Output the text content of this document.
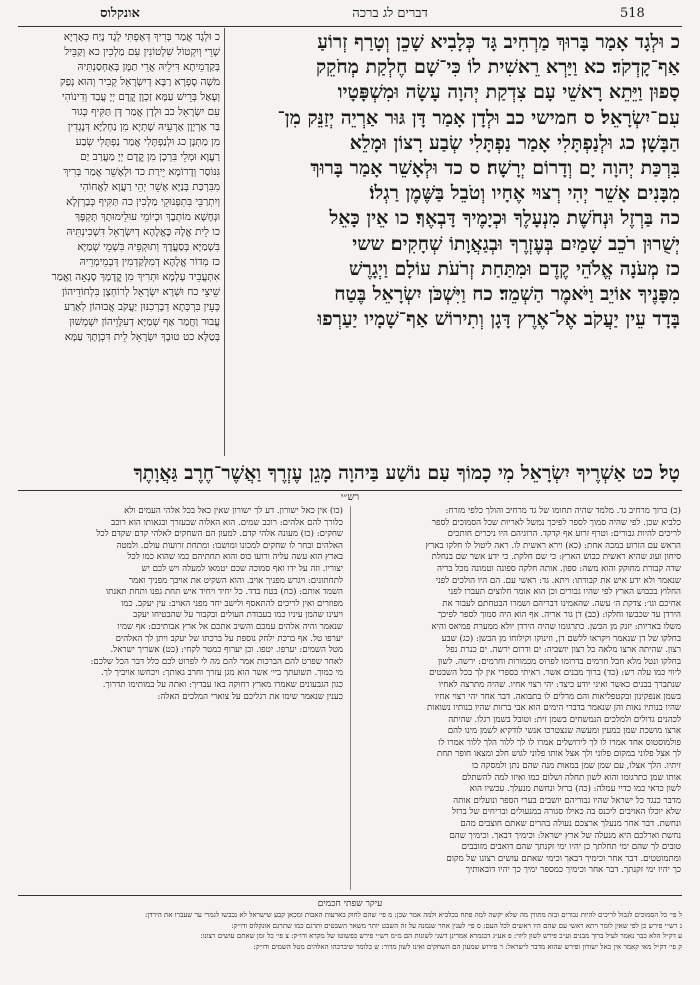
518
דברים לג ברכה
אונקלוס
כ וּלְגָד אָמַר בָּרוּךְ מַרְחִיב גָּד כְּלָבִיא שָׁכֵן וְטָרַף זְרוֹעַ
אַף־קָדְקֹד׃ כא וַיַּרְא רֵאשִׁית לוֹ כִּי־שָׁם חֶלְקַת מְחֹקֵק
סָפוּן וַיֵּתֵא רָאשֵׁי עָם צִדְקַת יְהוָה עָשָׂה וּמִשְׁפָּטָיו
עִם־יִשְׂרָאֵל׃ ס חמישי כב וּלְדָן אָמַר דָּן גּוּר אַרְיֵה יְזַנֵּק מִן־
הַבָּשָׁן׃ כג וּלְנַפְתָּלִי אָמַר נַפְתָּלִי שְׂבַע רָצוֹן וּמָלֵא
בִּרְכַּת יְהוָה יָם וְדָרוֹם יְרָשָׁה׃ ס כד וּלְאָשֵׁר אָמַר בָּרוּךְ
מִבָּנִים אָשֵׁר יְהִי רְצוּי אֶחָיו וְטֹבֵל בַּשֶּׁמֶן רַגְלוֹ׃
כה בַּרְזֶל וּנְחֹשֶׁת מִנְעָלֶךָ וּכְיָמֶיךָ דָּבְאֶךָ׃ כו אֵין כָּאֵל
יְשֻׁרוּן רֹכֵב שָׁמַיִם בְּעֶזְרֶךָ וּבְגַאֲוָתוֹ שְׁחָקִים׃ ששי
כז מְעֹנָה אֱלֹהֵי קֶדֶם וּמִתַּחַת זְרֹעֹת עוֹלָם וַיְגָרֶשׁ
מִפָּנֶיךָ אוֹיֵב וַיֹּאמֶר הַשְׁמֵד׃ כח וַיִּשְׁכֹּן יִשְׂרָאֵל בֶּטַח
בָּדָד עֵין יַעֲקֹב אֶל־אֶרֶץ דָּגָן וְתִירוֹשׁ אַף־שָׁמָיו יַעַרְפוּ
כ וּלְגָד אֲמַר בְּרִיךְ דְּאַפְתִּי לְגָד נָיַח כְּאַרְיָא
שָׁרֵי וְיִקְטוֹל שִׁלְטוֹנִין עִם מַלְכִין כא וְקַבֵּיל
בְּקַדְמֵיתָא דִּילֵיהּ אֲרֵי תַמָּן בְּאַחְסַנְתֵּיהּ
מֹשֶׁה סָפְרָא רַבָּא דְיִשְׂרָאֵל קְבִיר וְהוּא נְפַק
וְעָאַל בְּרֵישׁ עַמָּא זַכְוָן קֳדָם יְיָ עֲבַד וְדִינוֹהִי
עִם יִשְׂרָאֵל כב וּלְדָן אֲמַר דָּן תַּקִּיף כְּגוּר
בַּר אַרְיָוָן אַרְעֵיהּ שָׁתְיָא מִן נַחְלַיָּא דְּנָגְדִין
מִן מַתְנָן כג וּלְנַפְתָּלִי אֲמַר נַפְתָּלִי שְׂבַע
רַעֲוָא וּמְלֵי בִּרְכָן מִן קֳדָם יְיָ מַעֲרַב יַם
גִּנּוֹסַר וְדָרוֹמָא יֵירַת כד וּלְאָשֵׁר אֲמַר בְּרִיךְ
מִבִּרְכַּת בְּנַיָּא אָשֵׁר יְהֵי רַעֲוָא לַאֲחוֹהִי
וְיִתְרַבֵּי בִּתְפְנוּקֵי מַלְכִין כה תַּקִּיף כְּבַרְזְלָא
וּנְחָשָׁא מוֹתְבָךְ וּכְיוֹמֵי עוּלֵימוּתָךְ תָּקְפָּךְ
כו לֵית אֱלָהּ כֶּאֱלָהָא דְיִשְׂרָאֵל דִּשְׁכִינְתֵּיהּ
בִּשְׁמַיָּא בְּסַעֲדָךְ וְתוּקְפֵיהּ בִּשְׁמֵי שְׁמַיָּא
כז מְדוֹר אֱלָהָא דְמִלְּקַדְמִין דְּבְמֵימְרֵיהּ
אִתְעֲבֵיד עָלְמָא וּתְרִיךְ מִן קֳדָמָךְ סָנְאָה וַאֲמַר
שֵׁיצֵי כח וּשְׁרָא יִשְׂרָאֵל לְרוֹחְצָן בִּלְחוֹדֵיהוֹן
כְּעֵין בִּרְכְּתָא דְבָרְכִנּוּן יַעֲקֹב אֲבוּהוֹן לְאַרַע
עֲבוּר וַחֲמַר אַף שְׁמַיָּא דְעִלָּוֵיהוֹן יִשְׁמְשׁוּן
בְּטַלָּא כט טוּבָךְ יִשְׂרָאֵל לֵית דִּכְוָתָךְ עַמָּא
טָל׃ כט אַשְׁרֶיךָ יִשְׂרָאֵל מִי כָמוֹךָ עַם נוֹשַׁע בַּיהוָה מָגֵן עֶזְרֶךָ וַאֲשֶׁר־חֶרֶב גַּאֲוָתֶךָ
רש״י
(כ) ברוך מרחיב גד. מלמד שהיה תחומו של גד מרחיב והולך כלפי מזרח:
כלביא שכן. לפי שהיה סמוך לספר לפיכך נמשל לאריות שכל הסמוכים לספר
לריכים להיות גבורים: וטרף זרוע אף קדקד. הרוגיהם היו ניכרים חותכים
הראש עם הזרוע במכה אחת: (כא) וירא ראשית לו. ראה ליטול לו חלקו בארץ
סיחון ועוג שהיא ראשית כבוש הארץ: כי שם חלקת. כי ידע אשר שם בנחלת
שדה קבורת מחוקק והוא משה: ספון. אותה חלקה ספונה וטמונה מכל בריה
שנאמר ולא ידע איש את קבורתו: ויתא. גד: ראשי עם. הם היו הולכים לפני
החלוץ בכבוש הארץ לפי שהיו גבורים וכן הוא אומר חלוצים תעברו לפני
אחיכם וגו׳: צדקת ה׳ עשה. שהאמינו דבריהם ושמרו הבטחתם לעבור את
הירדן עד שכבשו וחלקו: (כב) דן גור אריה. אף הוא היה סמוך לספר לפיכך
משלו באריות: יזנק מן הבשן. כתרגומו שהיה הירדן יולא ממערת פמיאס והיא
בחלקו של דן שנאמר ויקראו ללשם דן, וזינוקו וקילוחו מן הבשן: (כג) שבע
רצון. שהיתה ארצו מלאה כל רצון יושביה: ים ודרום ירשה. ים כנרת נפל
בחלקו ונטל מלא חבל חרמים בדרומו לפרוס מכמורות וחרמים: ירשה. לשון
ליווי כמו עלה רש: (כד) ברוך מבנים אשר. ראיתי בספרי אין לך בכל השבטים
שנתברך בבנים כאשר ואיני יודע כיצד: יהי רצוי אחיו. שהיה מתרצה לאחיו
בשמן אנפקינון ובקטפליאות והם מרלים לו בתבואה. דבר אחר יהי רצוי אחיו
שהיו בנותיו נאות והן שנאמר בדברי הימים הוא אבי ברזות שהיו בנותיו נשואות
לכהנים גדולים ולמלכים הנמשחים בשמן זית: וטובל בשמן רגלו. שהיתה
ארצו מושכת שמן כמעין ומעשה שנצטרכו אנשי לודקיא לשמן מינו להם
פולמוסטוס אחד אמרו לו לך לירושלים אמרו לו לך ללור הלך ללור אמרו לו
לך אצל פלוני במקום פלוני ולך אצל אותו פלוני לגוש חלב ומצאו חופר תחת
זיתיו. הלך אצלו, עם שמן שמן במאות מנה שהם נתן ולמסקה בו
אותו שמן כתרגומו והוא לשון תחלה ושלום כמו ואיזו למה להשתלם
לשון כדאי כמו כדיי עמלה: (כה) ברזל ונחשת מנעלך. עכשיו הוא
מדבר כנגד כל ישראל שהיו גבוריהם יושבים בערי הספר ונועלים אותה
שלא יוכלו האויבים ליכנס בה כאילו סגורה במנעולים ובריחים של ברזל
ונחשת. דבר אחר מנעלך ארצכם נעולה בהרים שאתם חוצבים מהם
נחשת וארלכם היא מנעלה של ארץ ישראל: וכימיך דבאך. וכימיך שהם
טובים לך שהם ימי תחלתך כן יהיו ימי זקנתך שהם דואבים מזובבים
ומתמוטטים. דבר אחר וכימיך דבאך וכימי שאתם עושים רצונו של מקום
כך יהיו ימי זקנתך. דבר אחר וכימיך כמספר ימיך כך יהיו דובאותיך
(כו) אין כאל ישורון. דע לך ישורון שאין כאל בכל אלהי העמים ולא
כלורך להם אלהים: רוכב שמים. הוא האלוה שבעזרך ובגאותו הוא רוכב
שחקים: (כז) מעונה אלהי קדם. למעון הם השחקים לאלהי קדם שקדם לכל
האלהים ובחר לו שחקים למכונו ומושבו: ומתחת זרועות עולם. ולמטה
בארץ הוא עשה עליה ורועו כוס והוא תחתיהם כמו שהוא כמו לכל
יצוריו. וזה על ידו ואף סמוכה שכם יטמאו למעלה ויש לכם יש
לתחתונים: ויגרש מפניך אויב. והוא השקיט את אויבך מפניך ואמר
השמד אותם: (כח) בטח בדד. כל יחיד ויחיד איש תחת גפנו ותחת תאנתו
מפוזרים ואין לריכים להתאסף ולישב יחד מפני האויב: עין יעקב. כמו
ויעינו שהמן עיניו כמו בעבודת העולים ובקבור על שהבטיחו יעקב
שנאמר והיה אלהים עמכם והשיב אתכם אל ארץ אבותיכם: אף שמיו
יערפו טל. אף ברכת ילחק נוספת על ברכתו של יעקב ויתן לך האלהים
מטל השמים: יערפו. יטפו. וכן יערוף כמטר לקחי: (כט) אשריך ישראל.
לאחר שפרט להם הברכות אמר להם מה לי לפרוט לכם כלל דבר הכל שלכם:
מי כמוך. תשועתך ביי׳ אשר הוא מגן עזרך וחרב גאותך: ויכחשו אויביך לך.
כגון הגבעונים שאמרו מארץ רחוקה באו עבדיך: ואתה על במותימו תדרוך.
כענין שנאמר שימו את רגליכם על צוארי המלכים האלה:
עיקר שפתי חכמים
ל פי׳ כל הסמוכים לגבול לריכים להיות גבורים ובזה מתורן מה שלא יקשה למה פתח בכלביא ולמה אמר שכן: מ פי׳ שהם לחוק בארעות האבות ומכאן קבע שישראל לא נכבשו לגמרי ער שעברו את הירדן:
נ רש״י פירש כן לפי שאין לומר ויתא ראשי עם שהם היו ראשים לכל העם: ס פי׳ לענין אחר שנמנה על זה השבט יותר משאר השבטים ותרגם כמו שתרגם אונקלוס ודו״ק:
ע דק״ל הלא כבר נאמר לעיל ברוך מבנים וע״כ פירש לשון ליווי: פ אע״ג דבגמרא אמרינן דשני לשונות הם מ״מ רש״י פירש כפשוטו של מקרא ודו״ק: צ פי׳ כל זמן שאתם עושים רצונו:
ק פי׳ דק״ל מאי קאמר אין כאל ישורון ופירש שהוא מדבר לישראל: ר פירוש שמעון הם השחקים ואינו לשון מדור: ש כלומר שיברכהו האלהים מטל השמים ודו״ק:
